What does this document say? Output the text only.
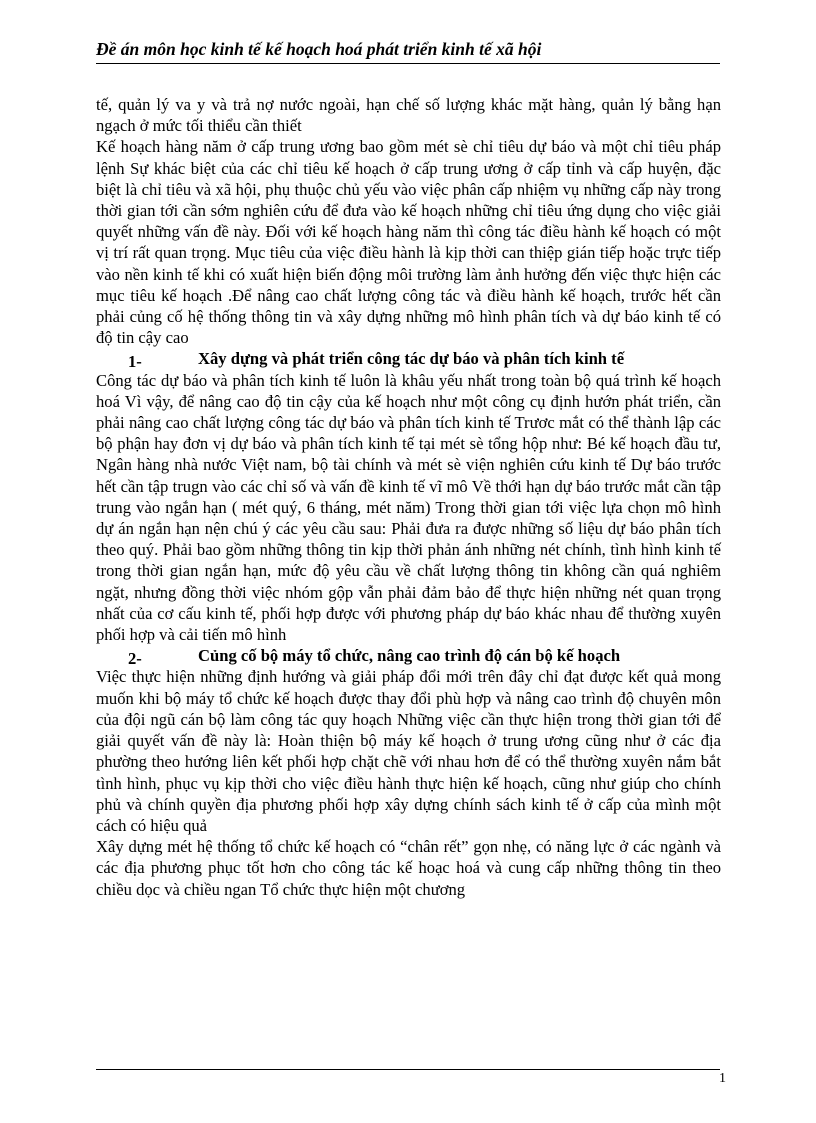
Đề án môn học kinh tế kế hoạch hoá phát triển kinh tế xã hội

tế, quản lý va y và trả nợ nước ngoài, hạn chế số lượng khác mặt hàng, quản lý bằng hạn ngạch ở mức tối thiểu cần thiết

Kế hoạch hàng năm ở cấp trung ương bao gồm mét sè chỉ tiêu dự báo và một chỉ tiêu pháp lệnh Sự khác biệt của các chỉ tiêu kế hoạch ở cấp trung ương ở cấp tỉnh và cấp huyện, đặc biệt là chỉ tiêu và xã hội, phụ thuộc chủ yếu vào việc phân cấp nhiệm vụ những cấp này trong thời gian tới cần sớm nghiên cứu để đưa vào kế hoạch những chỉ tiêu ứng dụng cho việc giải quyết những vấn đề này. Đối với kế hoạch hàng năm thì công tác điều hành kế hoạch có một vị trí rất quan trọng. Mục tiêu của việc điều hành là kịp thời can thiệp gián tiếp hoặc trực tiếp vào nền kinh tế khi có xuất hiện biến động môi trường làm ảnh hưởng đến việc thực hiện các mục tiêu kế hoạch .Để nâng cao chất lượng công tác và điều hành kế hoạch, trước hết cần phải củng cố hệ thống thông tin và xây dựng những mô hình phân tích và dự báo kinh tế có độ tin cậy cao

1-	Xây dựng và phát triển công tác dự báo và phân tích kinh tế

Công tác dự báo và phân tích kinh tế luôn là khâu yếu nhất trong toàn bộ quá trình kế hoạch hoá Vì vậy, để nâng cao độ tin cậy của kế hoạch như một công cụ định hướn phát triển, cần phải nâng cao chất lượng công tác dự báo và phân tích kinh tế Trươc mắt có thể thành lập các bộ phận hay đơn vị dự báo và phân tích kinh tế tại mét sè tổng hộp như: Bé kế hoạch đầu tư, Ngân hàng nhà nước Việt nam, bộ tài chính và mét sè viện nghiên cứu kinh tế Dự báo trước hết cần tập trugn vào các chỉ số và vấn đề kinh tế vĩ mô Về thới hạn dự báo trước mắt cần tập trung vào ngắn hạn ( mét quý, 6 tháng, mét năm) Trong thời gian tới việc lựa chọn mô hình dự án ngắn hạn nện chú ý các yêu cầu sau: Phải đưa ra được những số liệu dự báo phân tích theo quý. Phải bao gồm những thông tin kịp thời phản ánh những nét chính, tình hình kinh tế trong thời gian ngắn hạn, mức độ yêu cầu về chất lượng thông tin không cần quá nghiêm ngặt, nhưng đồng thời việc nhóm gộp vẫn phải đảm bảo để thực hiện những nét quan trọng nhất của cơ cấu kinh tế, phối hợp được với phương pháp dự báo khác nhau để thường xuyên phối hợp và cải tiến mô hình

2-	Củng cố bộ máy tổ chức, nâng cao trình độ cán bộ kế hoạch

Việc thực hiện những định hướng và giải pháp đổi mới trên đây chỉ đạt được kết quả mong muốn khi bộ máy tổ chức kế hoạch được thay đổi phù hợp và nâng cao trình độ chuyên môn của đội ngũ cán bộ làm công tác quy hoạch Những việc cần thực hiện trong thời gian tới để giải quyết vấn đề này là: Hoàn thiện bộ máy kế hoạch ở trung ương cũng như ở các địa phường theo hướng liên kết phối hợp chặt chẽ với nhau hơn để có thể thường xuyên nắm bắt tình hình, phục vụ kịp thời cho việc điều hành thực hiện kế hoạch, cũng như giúp cho chính phủ và chính quyền địa phương phối hợp xây dựng chính sách kinh tế ở cấp của mình một cách có hiệu quả

Xây dựng mét hệ thống tổ chức kế hoạch có “chân rết” gọn nhẹ, có năng lực ở các ngành và các địa phương phục tốt hơn cho công tác kế hoạc hoá và cung cấp những thông tin theo chiều dọc và chiều ngan Tổ chức thực hiện một chương

1
